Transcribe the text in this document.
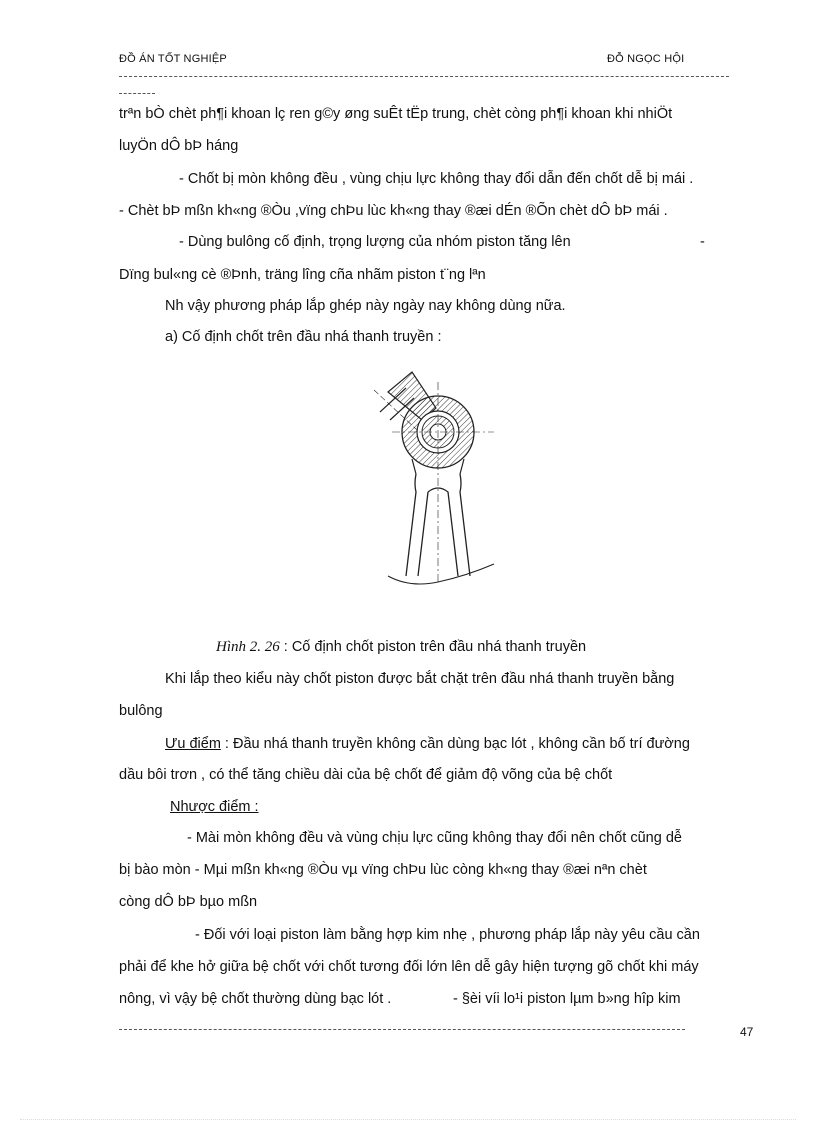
ĐỒ ÁN TỐT NGHIỆP	ĐỖ NGỌC HỘI
trªn bÒ chèt ph¶i khoan lç ren g©y øng suÊt tËp trung, chèt còng ph¶i khoan khi nhiÖt
luyÖn dÔ bÞ háng
- Chốt bị mòn không đều , vùng chịu lực không thay đổi dẫn đến chốt dễ bị mái .
- Chèt bÞ mßn kh«ng ®Òu ,vïng chÞu lùc kh«ng thay ®æi dÉn ®Õn chèt dÔ bÞ mái .
- Dùng bulông cố định, trọng lượng của nhóm piston tăng lên	-
Dïng bul«ng cè ®Þnh, träng lîng cña nhãm piston t¨ng lªn
Nh vậy phương pháp lắp ghép này ngày nay không dùng nữa.
a) Cố định chốt trên đầu nhá thanh truyền :
Hình 2. 26 : Cố định chốt piston trên đầu nhá thanh truyền
Khi lắp theo kiểu này chốt piston được bắt chặt trên đầu nhá thanh truyền bằng
bulông
Ưu điểm : Đầu nhá thanh truyền không cần dùng bạc lót , không cần bố trí đường
dầu bôi trơn , có thể tăng chiều dài của bệ chốt để giảm độ võng của bệ chốt
Nhược điểm :
- Mài mòn không đều và vùng chịu lực cũng không thay đổi nên chốt cũng dễ
bị bào mòn - Mµi mßn kh«ng ®Òu vµ vïng chÞu lùc còng kh«ng thay ®æi nªn chèt
còng dÔ bÞ bµo mßn
- Đối với loại piston làm bằng hợp kim nhẹ , phương pháp lắp này yêu cầu cần
phải để khe hở giữa bệ chốt với chốt tương đối lớn lên dễ gây hiện tượng gõ chốt khi máy
nông, vì vậy bệ chốt thường dùng bạc lót .	- §èi víi lo¹i piston lµm b»ng hîp kim
47
